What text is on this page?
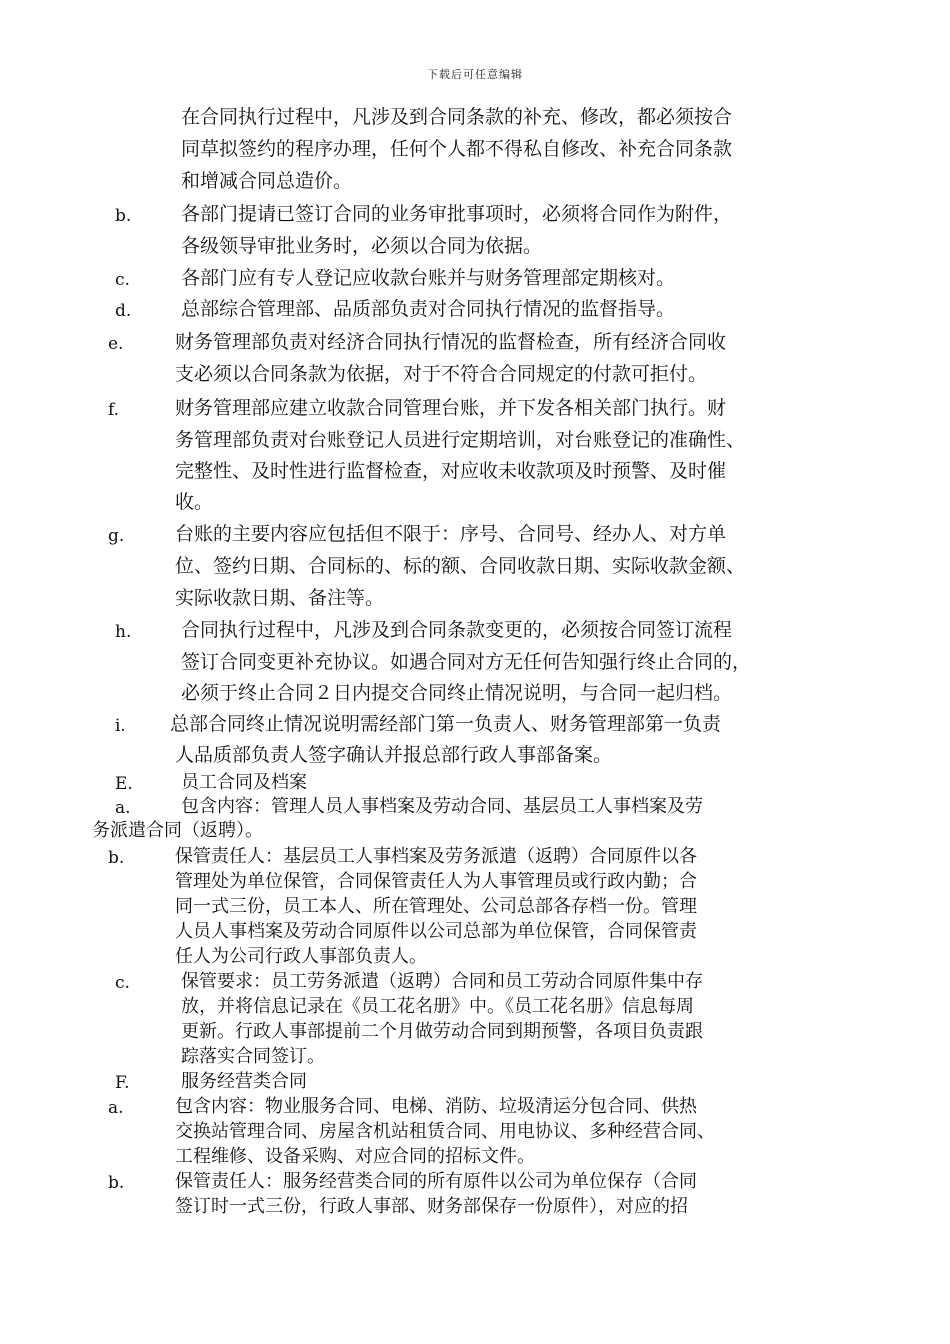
下载后可任意编辑
在合同执行过程中，凡涉及到合同条款的补充、修改，都必须按合
同草拟签约的程序办理，任何个人都不得私自修改、补充合同条款
和增减合同总造价。
b.	各部门提请已签订合同的业务审批事项时，必须将合同作为附件，
各级领导审批业务时，必须以合同为依据。
c.	各部门应有专人登记应收款台账并与财务管理部定期核对。
d.	总部综合管理部、品质部负责对合同执行情况的监督指导。
e.	财务管理部负责对经济合同执行情况的监督检查，所有经济合同收
支必须以合同条款为依据，对于不符合合同规定的付款可拒付。
f.	财务管理部应建立收款合同管理台账，并下发各相关部门执行。财
务管理部负责对台账登记人员进行定期培训，对台账登记的准确性、
完整性、及时性进行监督检查，对应收未收款项及时预警、及时催
收。
g.	台账的主要内容应包括但不限于：序号、合同号、经办人、对方单
位、签约日期、合同标的、标的额、合同收款日期、实际收款金额、
实际收款日期、备注等。
h.	合同执行过程中，凡涉及到合同条款变更的，必须按合同签订流程
签订合同变更补充协议。如遇合同对方无任何告知强行终止合同的，
必须于终止合同２日内提交合同终止情况说明，与合同一起归档。
i. 总部合同终止情况说明需经部门第一负责人、财务管理部第一负责
人品质部负责人签字确认并报总部行政人事部备案。
E.	员工合同及档案
a.	包含内容：管理人员人事档案及劳动合同、基层员工人事档案及劳
务派遣合同（返聘）。
b.	保管责任人：基层员工人事档案及劳务派遣（返聘）合同原件以各
管理处为单位保管，合同保管责任人为人事管理员或行政内勤；合
同一式三份，员工本人、所在管理处、公司总部各存档一份。管理
人员人事档案及劳动合同原件以公司总部为单位保管，合同保管责
任人为公司行政人事部负责人。
c.	保管要求：员工劳务派遣（返聘）合同和员工劳动合同原件集中存
放，并将信息记录在《员工花名册》中。《员工花名册》信息每周
更新。行政人事部提前二个月做劳动合同到期预警，各项目负责跟
踪落实合同签订。
F.	服务经营类合同
a.	包含内容：物业服务合同、电梯、消防、垃圾清运分包合同、供热
交换站管理合同、房屋含机站租赁合同、用电协议、多种经营合同、
工程维修、设备采购、对应合同的招标文件。
b.	保管责任人：服务经营类合同的所有原件以公司为单位保存（合同
签订时一式三份，行政人事部、财务部保存一份原件），对应的招
